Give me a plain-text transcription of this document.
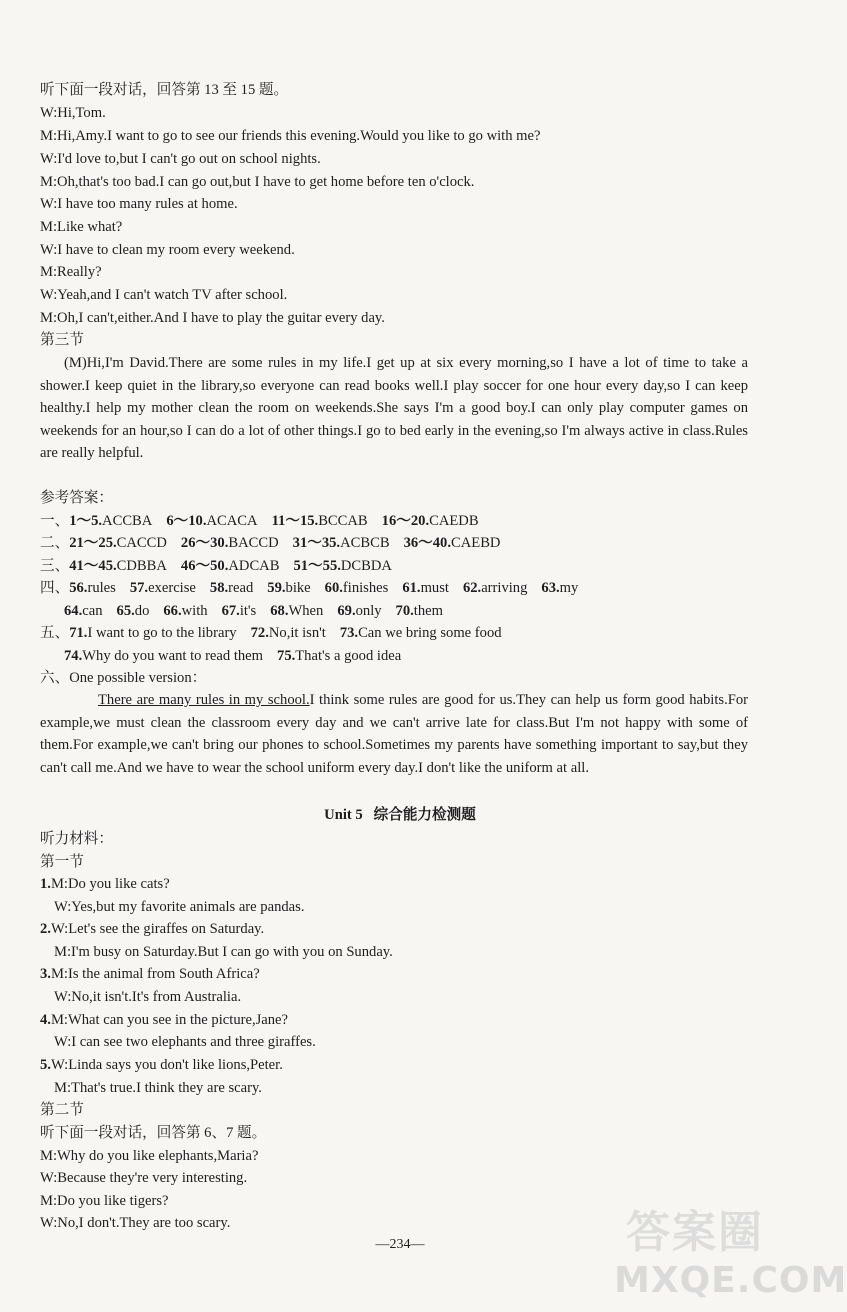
听下面一段对话，回答第 13 至 15 题。
W:Hi,Tom.
M:Hi,Amy.I want to go to see our friends this evening.Would you like to go with me?
W:I'd love to,but I can't go out on school nights.
M:Oh,that's too bad.I can go out,but I have to get home before ten o'clock.
W:I have too many rules at home.
M:Like what?
W:I have to clean my room every weekend.
M:Really?
W:Yeah,and I can't watch TV after school.
M:Oh,I can't,either.And I have to play the guitar every day.
第三节
(M)Hi,I'm David.There are some rules in my life.I get up at six every morning,so I have a lot of time to take a shower.I keep quiet in the library,so everyone can read books well.I play soccer for one hour every day,so I can keep healthy.I help my mother clean the room on weekends.She says I'm a good boy.I can only play computer games on weekends for an hour,so I can do a lot of other things.I go to bed early in the evening,so I'm always active in class.Rules are really helpful.
参考答案：
一、1～5.ACCBA 6～10.ACACA 11～15.BCCAB 16～20.CAEDB
二、21～25.CACCD 26～30.BACCD 31～35.ACBCB 36～40.CAEBD
三、41～45.CDBBA 46～50.ADCAB 51～55.DCBDA
四、56.rules 57.exercise 58.read 59.bike 60.finishes 61.must 62.arriving 63.my
64.can 65.do 66.with 67.it's 68.When 69.only 70.them
五、71.I want to go to the library 72.No,it isn't 73.Can we bring some food
74.Why do you want to read them 75.That's a good idea
六、One possible version：
There are many rules in my school.I think some rules are good for us.They can help us form good habits.For example,we must clean the classroom every day and we can't arrive late for class.But I'm not happy with some of them.For example,we can't bring our phones to school.Sometimes my parents have something important to say,but they can't call me.And we have to wear the school uniform every day.I don't like the uniform at all.
Unit 5 综合能力检测题
听力材料：
第一节
1.M:Do you like cats?
W:Yes,but my favorite animals are pandas.
2.W:Let's see the giraffes on Saturday.
M:I'm busy on Saturday.But I can go with you on Sunday.
3.M:Is the animal from South Africa?
W:No,it isn't.It's from Australia.
4.M:What can you see in the picture,Jane?
W:I can see two elephants and three giraffes.
5.W:Linda says you don't like lions,Peter.
M:That's true.I think they are scary.
第二节
听下面一段对话，回答第 6、7 题。
M:Why do you like elephants,Maria?
W:Because they're very interesting.
M:Do you like tigers?
W:No,I don't.They are too scary.
—234—	答案圈
MXQE.COM
